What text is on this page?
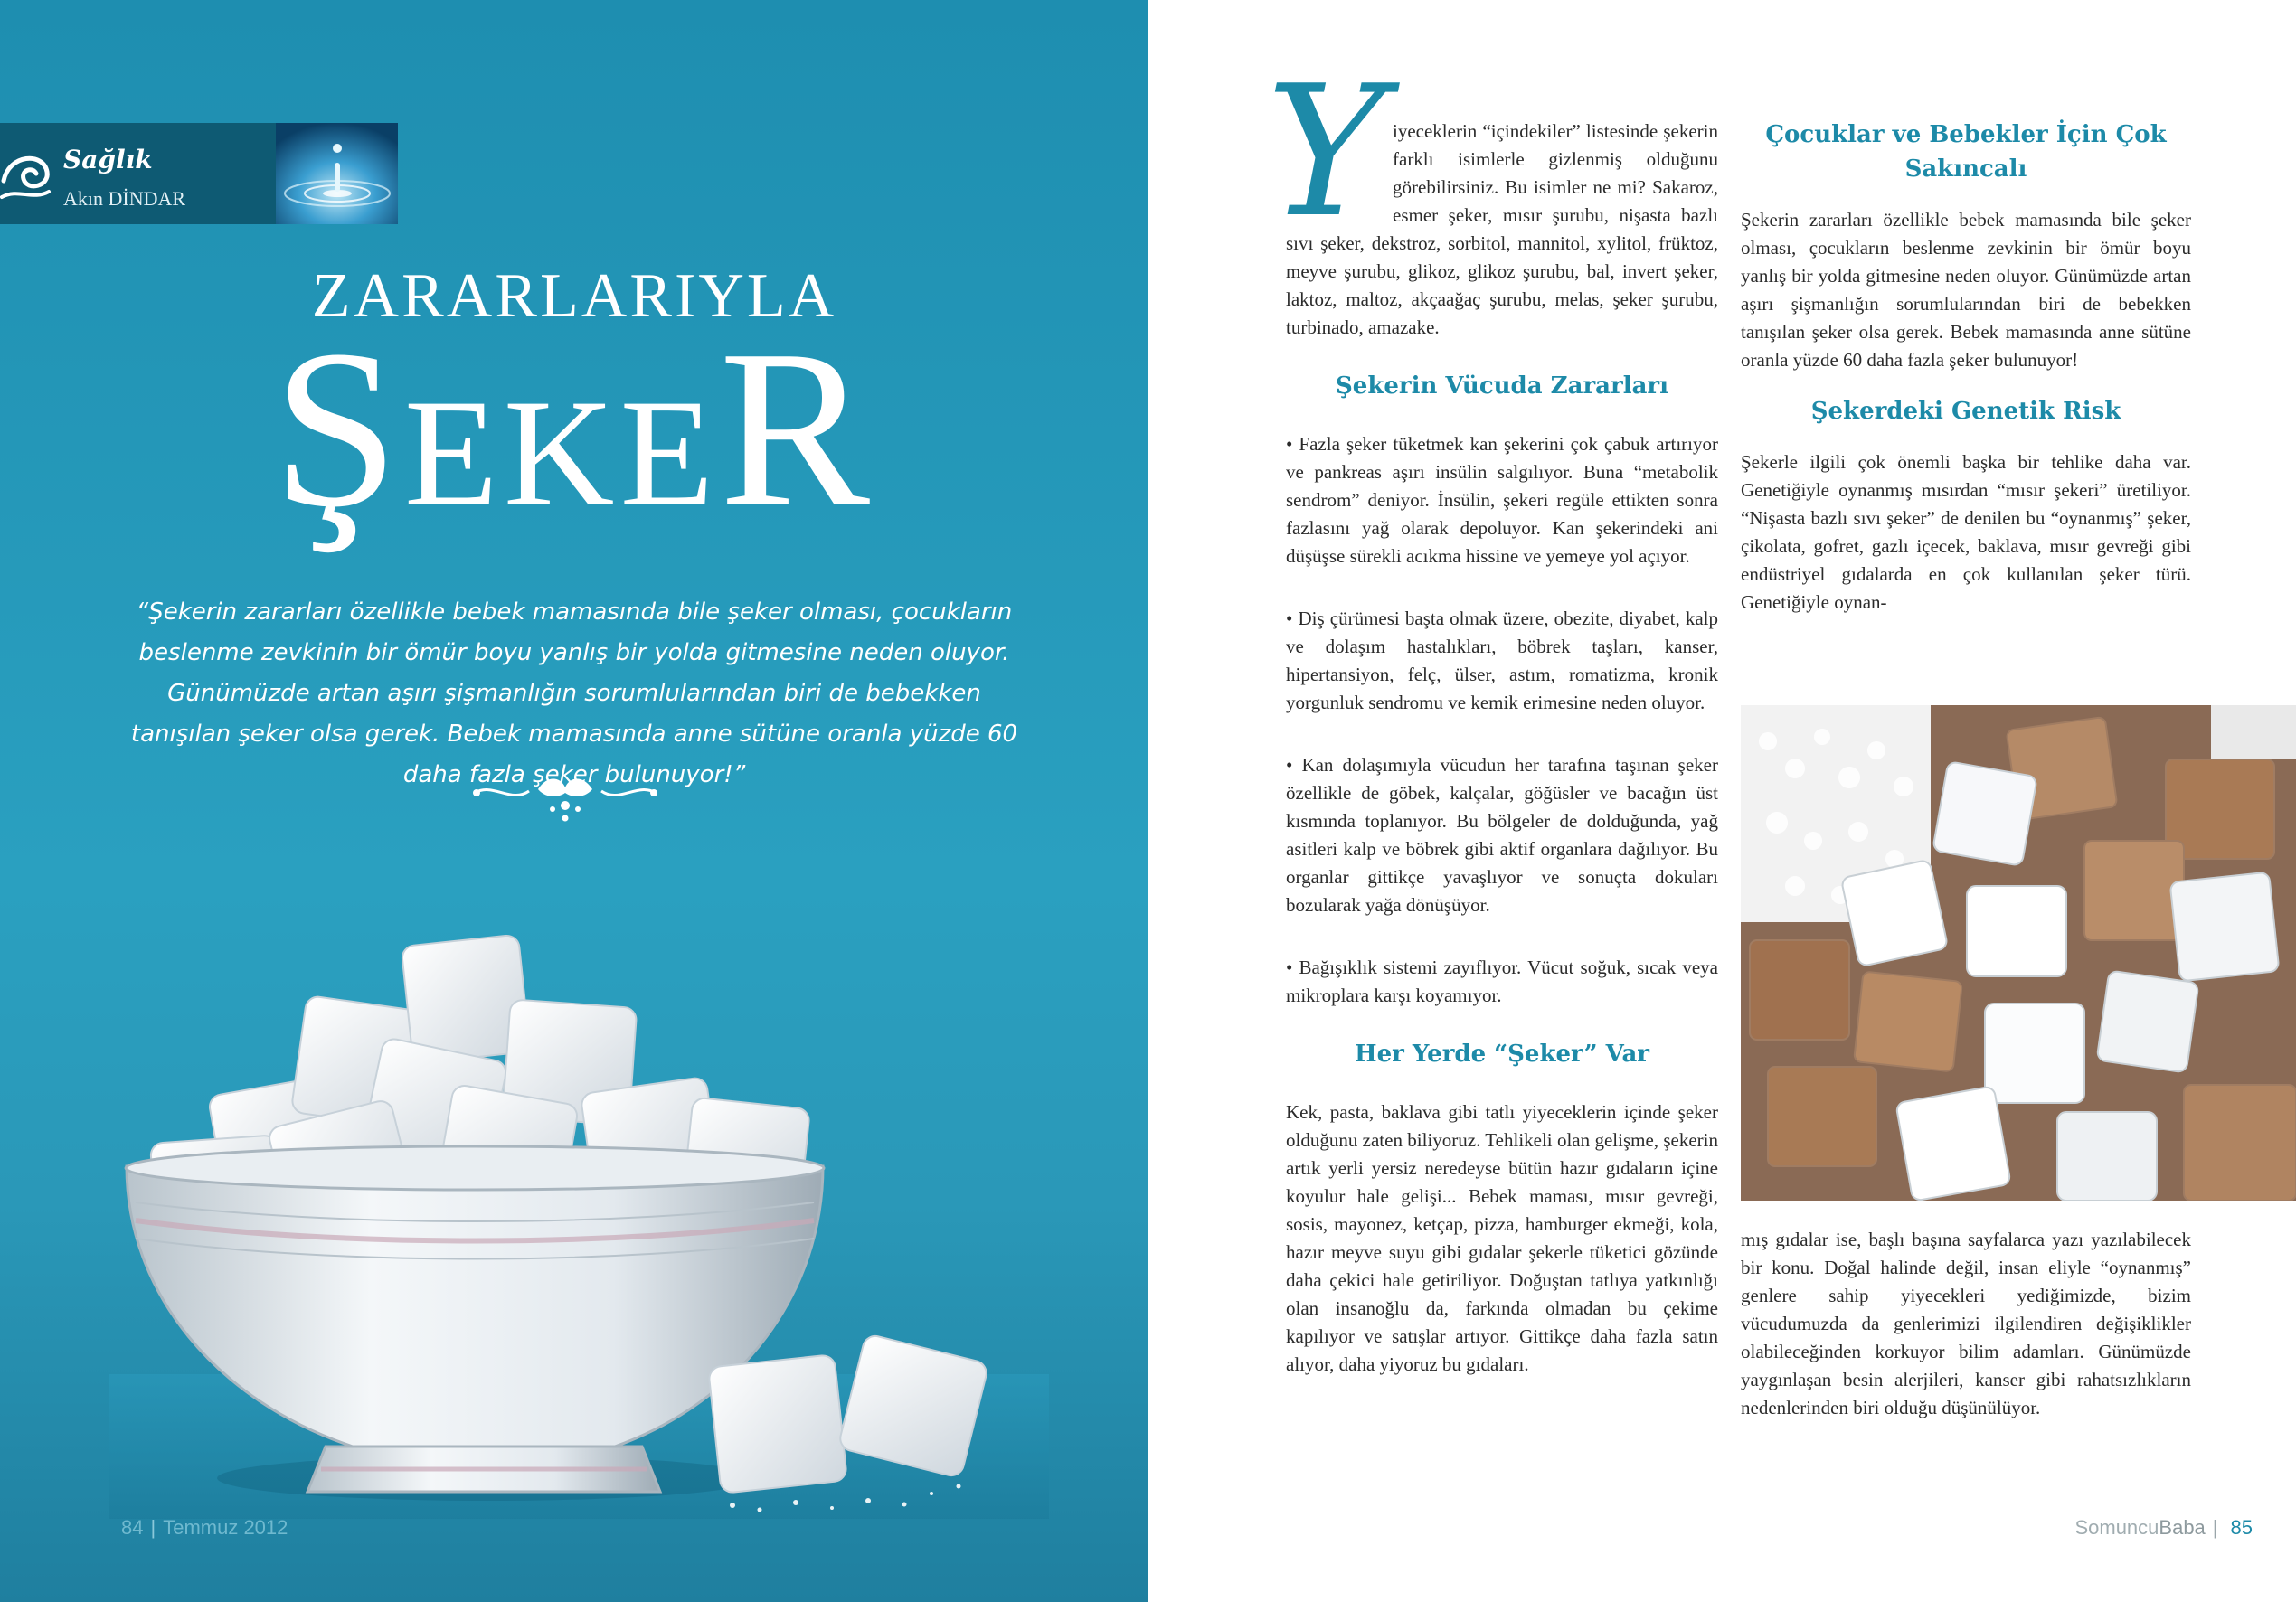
Sağlık
Akın DİNDAR
ZARARLARIYLA
ŞEKER
“Şekerin zararları özellikle bebek mamasında bile şeker olması, çocukların beslenme zevkinin bir ömür boyu yanlış bir yolda gitmesine neden oluyor. Günümüzde artan aşırı şişmanlığın sorumlularından biri de bebekken tanışılan şeker olsa gerek. Bebek mamasında anne sütüne oranla yüzde 60 daha fazla şeker bulunuyor!”
84 | Temmuz 2012

Yiyeceklerin “içindekiler” listesinde şekerin farklı isimlerle gizlenmiş olduğunu görebilirsiniz. Bu isimler ne mi? Sakaroz, esmer şeker, mısır şurubu, nişasta bazlı sıvı şeker, dekstroz, sorbitol, mannitol, xylitol, früktoz, meyve şurubu, glikoz, glikoz şurubu, bal, invert şeker, laktoz, maltoz, akçaağaç şurubu, melas, şeker şurubu, turbinado, amazake.

Şekerin Vücuda Zararları

• Fazla şeker tüketmek kan şekerini çok çabuk artırıyor ve pankreas aşırı insülin salgılıyor. Buna “metabolik sendrom” deniyor. İnsülin, şekeri regüle ettikten sonra fazlasını yağ olarak depoluyor. Kan şekerindeki ani düşüşse sürekli acıkma hissine ve yemeye yol açıyor.

• Diş çürümesi başta olmak üzere, obezite, diyabet, kalp ve dolaşım hastalıkları, böbrek taşları, kanser, hipertansiyon, felç, ülser, astım, romatizma, kronik yorgunluk sendromu ve kemik erimesine neden oluyor.

• Kan dolaşımıyla vücudun her tarafına taşınan şeker özellikle de göbek, kalçalar, göğüsler ve bacağın üst kısmında toplanıyor. Bu bölgeler de dolduğunda, yağ asitleri kalp ve böbrek gibi aktif organlara dağılıyor. Bu organlar gittikçe yavaşlıyor ve sonuçta dokuları bozularak yağa dönüşüyor.

• Bağışıklık sistemi zayıflıyor. Vücut soğuk, sıcak veya mikroplara karşı koyamıyor.

Her Yerde “Şeker” Var

Kek, pasta, baklava gibi tatlı yiyeceklerin içinde şeker olduğunu zaten biliyoruz. Tehlikeli olan gelişme, şekerin artık yerli yersiz neredeyse bütün hazır gıdaların içine koyulur hale gelişi... Bebek maması, mısır gevreği, sosis, mayonez, ketçap, pizza, hamburger ekmeği, kola, hazır meyve suyu gibi gıdalar şekerle tüketici gözünde daha çekici hale getiriliyor. Doğuştan tatlıya yatkınlığı olan insanoğlu da, farkında olmadan bu çekime kapılıyor ve satışlar artıyor. Gittikçe daha fazla satın alıyor, daha yiyoruz bu gıdaları.

Çocuklar ve Bebekler İçin Çok Sakıncalı

Şekerin zararları özellikle bebek mamasında bile şeker olması, çocukların beslenme zevkinin bir ömür boyu yanlış bir yolda gitmesine neden oluyor. Günümüzde artan aşırı şişmanlığın sorumlularından biri de bebekken tanışılan şeker olsa gerek. Bebek mamasında anne sütüne oranla yüzde 60 daha fazla şeker bulunuyor!

Şekerdeki Genetik Risk

Şekerle ilgili çok önemli başka bir tehlike daha var. Genetiğiyle oynanmış mısırdan “mısır şekeri” üretiliyor. “Nişasta bazlı sıvı şeker” de denilen bu “oynanmış” şeker, çikolata, gofret, gazlı içecek, baklava, mısır gevreği gibi endüstriyel gıdalarda en çok kullanılan şeker türü. Genetiğiyle oynan-

mış gıdalar ise, başlı başına sayfalarca yazı yazılabilecek bir konu. Doğal halinde değil, insan eliyle “oynanmış” genlere sahip yiyecekleri yediğimizde, bizim vücudumuzda da genlerimizi ilgilendiren değişiklikler olabileceğinden korkuyor bilim adamları. Günümüzde yaygınlaşan besin alerjileri, kanser gibi rahatsızlıkların nedenlerinden biri olduğu düşünülüyor.

SomuncuBaba | 85
